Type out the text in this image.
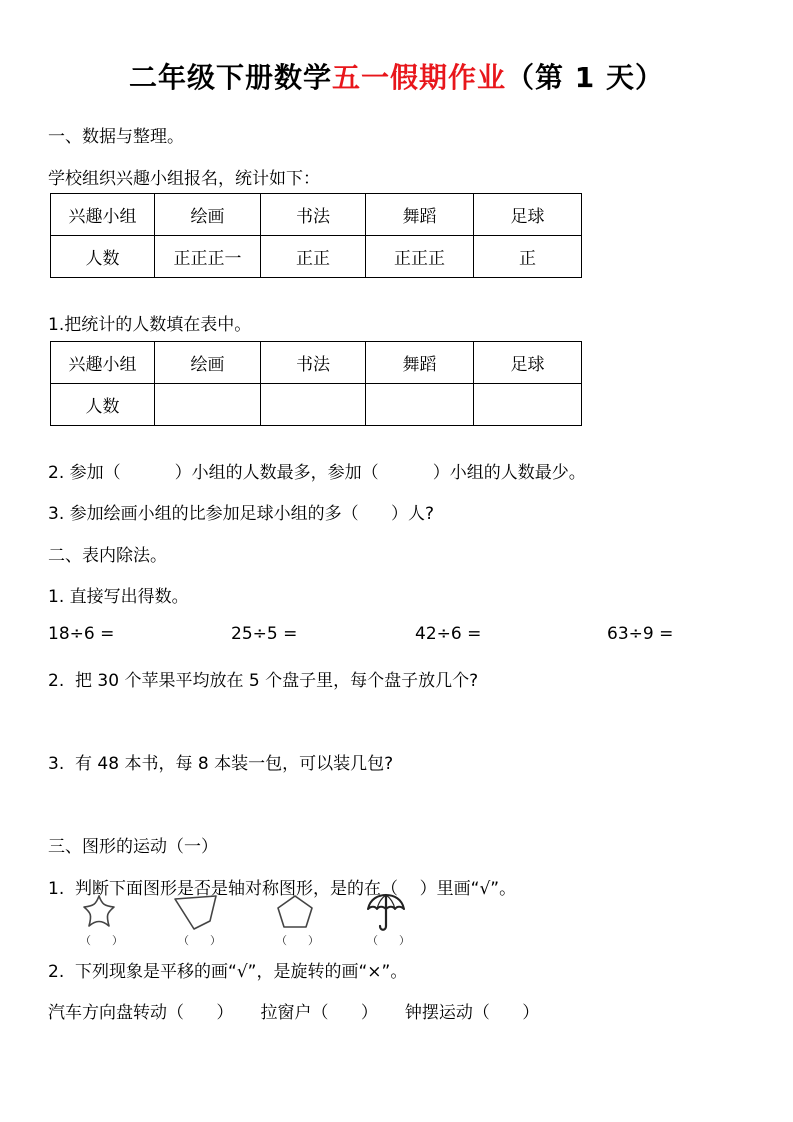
二年级下册数学五一假期作业（第 1 天）
一、数据与整理。
学校组织兴趣小组报名，统计如下：
兴趣小组	绘画	书法	舞蹈	足球
人数	正正正一	正正	正正正	正
1.把统计的人数填在表中。
兴趣小组	绘画	书法	舞蹈	足球
人数				
2. 参加（          ）小组的人数最多，参加（          ）小组的人数最少。
3. 参加绘画小组的比参加足球小组的多（      ）人?
二、表内除法。
1. 直接写出得数。
18÷6 =	25÷5 =	42÷6 =	63÷9 =
2.  把 30 个苹果平均放在 5 个盘子里，每个盘子放几个?
3.  有 48 本书，每 8 本装一包，可以装几包?
三、图形的运动（一）
1.  判断下面图形是否是轴对称图形，是的在（    ）里画“√”。
（      ）	（      ）	（      ）	（      ）
2.  下列现象是平移的画“√”，是旋转的画“×”。
汽车方向盘转动（      ）     拉窗户（      ）     钟摆运动（      ）
